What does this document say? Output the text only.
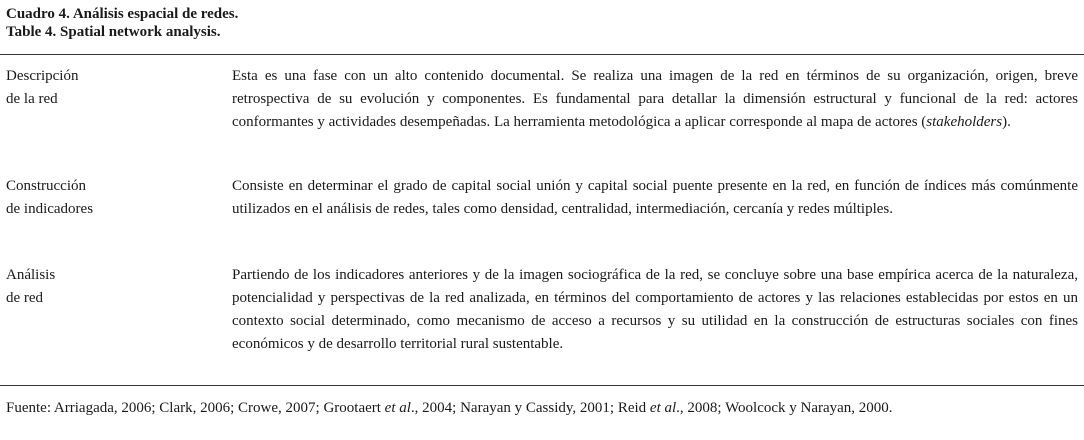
Cuadro 4. Análisis espacial de redes.
Table 4. Spatial network analysis.
Descripción
de la red
Esta es una fase con un alto contenido documental. Se realiza una imagen de la red en términos de su organización, origen, breve retrospectiva de su evolución y componentes. Es fundamental para detallar la dimensión estructural y funcional de la red: actores conformantes y actividades desempeñadas. La herramienta metodológica a aplicar corresponde al mapa de actores (stakeholders).
Construcción
de indicadores
Consiste en determinar el grado de capital social unión y capital social puente presente en la red, en función de índices más comúnmente utilizados en el análisis de redes, tales como densidad, centralidad, intermediación, cercanía y redes múltiples.
Análisis
de red
Partiendo de los indicadores anteriores y de la imagen sociográfica de la red, se concluye sobre una base empírica acerca de la naturaleza, potencialidad y perspectivas de la red analizada, en términos del comportamiento de actores y las relaciones establecidas por estos en un contexto social determinado, como mecanismo de acceso a recursos y su utilidad en la construcción de estructuras sociales con fines económicos y de desarrollo territorial rural sustentable.
Fuente: Arriagada, 2006; Clark, 2006; Crowe, 2007; Grootaert et al., 2004; Narayan y Cassidy, 2001; Reid et al., 2008; Woolcock y Narayan, 2000.
